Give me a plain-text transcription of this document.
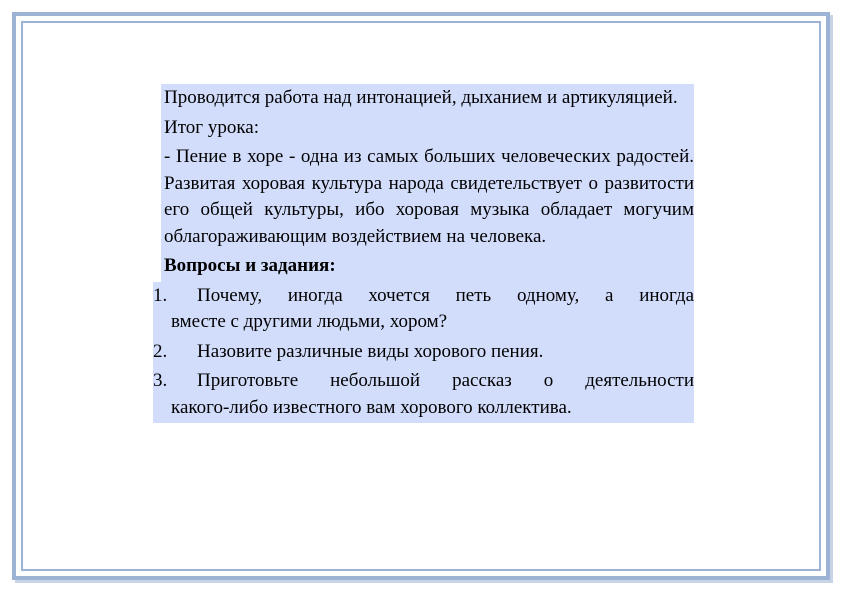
Проводится работа над интонацией, дыханием и артикуляцией.
Итог урока:
- Пение в хоре - одна из самых больших человеческих радостей. Развитая хоровая культура народа свидетельствует о развитости его общей культуры, ибо хоровая музыка обладает могучим облагораживающим воздействием на человека.
Вопросы и задания:
1. Почему, иногда хочется петь одному, а иногда
вместе с другими людьми, хором?
2. Назовите различные виды хорового пения.
3. Приготовьте небольшой рассказ о деятельности
какого-либо известного вам хорового коллектива.
